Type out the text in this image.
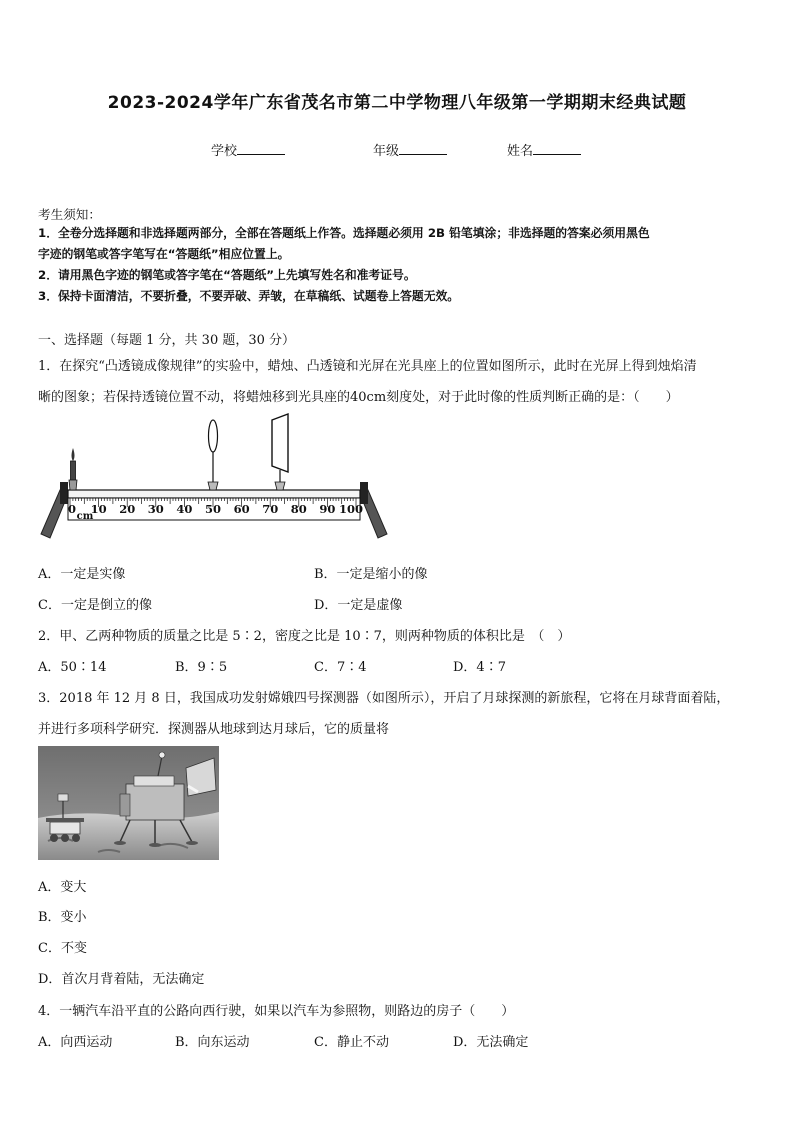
2023-2024学年广东省茂名市第二中学物理八年级第一学期期末经典试题
学校	年级	姓名
考生须知：
1．全卷分选择题和非选择题两部分，全部在答题纸上作答。选择题必须用 2B 铅笔填涂；非选择题的答案必须用黑色
字迹的钢笔或答字笔写在“答题纸”相应位置上。
2．请用黑色字迹的钢笔或答字笔在“答题纸”上先填写姓名和准考证号。
3．保持卡面清洁，不要折叠，不要弄破、弄皱，在草稿纸、试题卷上答题无效。
一、选择题（每题 1 分，共 30 题，30 分）
1．在探究“凸透镜成像规律”的实验中，蜡烛、凸透镜和光屏在光具座上的位置如图所示，此时在光屏上得到烛焰清
晰的图象；若保持透镜位置不动，将蜡烛移到光具座的40cm刻度处，对于此时像的性质判断正确的是：（　　）
0 10 20 30 40 50 60 70 80 90 100
cm
A．一定是实像	B．一定是缩小的像
C．一定是倒立的像	D．一定是虚像
2．甲、乙两种物质的质量之比是 5∶2，密度之比是 10∶7，则两种物质的体积比是　（　）
A．50∶14	B．9∶5	C．7∶4	D．4∶7
3．2018 年 12 月 8 日，我国成功发射嫦娥四号探测器（如图所示），开启了月球探测的新旅程，它将在月球背面着陆，
并进行多项科学研究．探测器从地球到达月球后，它的质量将
A．变大
B．变小
C．不变
D．首次月背着陆，无法确定
4．一辆汽车沿平直的公路向西行驶，如果以汽车为参照物，则路边的房子（　　）
A．向西运动	B．向东运动	C．静止不动	D．无法确定
